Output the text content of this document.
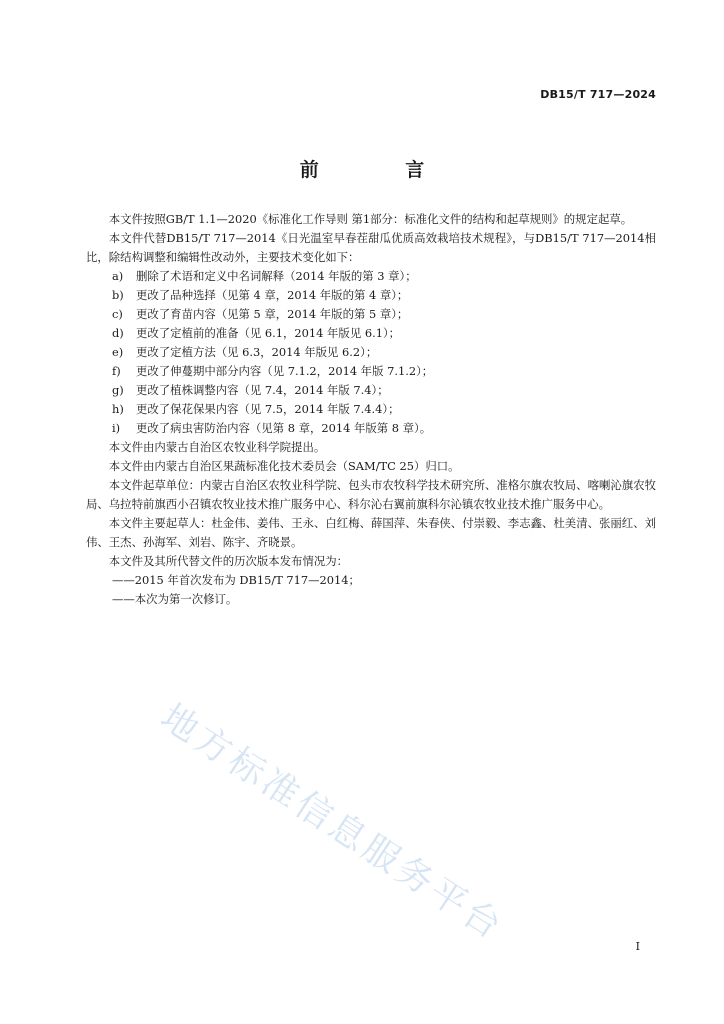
DB15/T 717—2024
前 言

本文件按照GB/T 1.1—2020《标准化工作导则 第1部分：标准化文件的结构和起草规则》的规定起草。

本文件代替DB15/T 717—2014《日光温室早春茬甜瓜优质高效栽培技术规程》，与DB15/T 717—2014相比，除结构调整和编辑性改动外，主要技术变化如下：

a) 删除了术语和定义中名词解释（2014 年版的第 3 章）；

b) 更改了品种选择（见第 4 章，2014 年版的第 4 章）；

c) 更改了育苗内容（见第 5 章，2014 年版的第 5 章）；

d) 更改了定植前的准备（见 6.1，2014 年版见 6.1）；

e) 更改了定植方法（见 6.3，2014 年版见 6.2）；

f) 更改了伸蔓期中部分内容（见 7.1.2，2014 年版 7.1.2）；

g) 更改了植株调整内容（见 7.4，2014 年版 7.4）；

h) 更改了保花保果内容（见 7.5，2014 年版 7.4.4）；

i) 更改了病虫害防治内容（见第 8 章，2014 年版第 8 章）。

本文件由内蒙古自治区农牧业科学院提出。

本文件由内蒙古自治区果蔬标准化技术委员会（SAM/TC 25）归口。

本文件起草单位：内蒙古自治区农牧业科学院、包头市农牧科学技术研究所、准格尔旗农牧局、喀喇沁旗农牧局、乌拉特前旗西小召镇农牧业技术推广服务中心、科尔沁右翼前旗科尔沁镇农牧业技术推广服务中心。

本文件主要起草人：杜金伟、姜伟、王永、白红梅、薛国萍、朱春侠、付崇毅、李志鑫、杜美清、张丽红、刘伟、王杰、孙海军、刘岩、陈宇、齐晓景。

本文件及其所代替文件的历次版本发布情况为：

——2015 年首次发布为 DB15/T 717—2014；

——本次为第一次修订。

地方标准信息服务平台	I
